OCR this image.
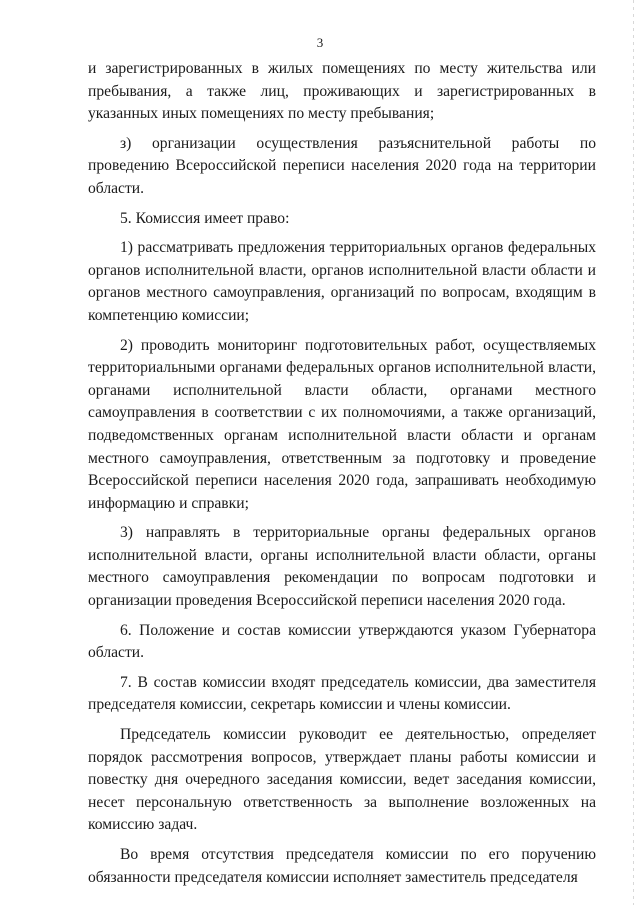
3

и зарегистрированных в жилых помещениях по месту жительства или пребывания, а также лиц, проживающих и зарегистрированных в указанных иных помещениях по месту пребывания;

з) организации осуществления разъяснительной работы по проведению Всероссийской переписи населения 2020 года на территории области.

5. Комиссия имеет право:

1) рассматривать предложения территориальных органов федеральных органов исполнительной власти, органов исполнительной власти области и органов местного самоуправления, организаций по вопросам, входящим в компетенцию комиссии;

2) проводить мониторинг подготовительных работ, осуществляемых территориальными органами федеральных органов исполнительной власти, органами исполнительной власти области, органами местного самоуправления в соответствии с их полномочиями, а также организаций, подведомственных органам исполнительной власти области и органам местного самоуправления, ответственным за подготовку и проведение Всероссийской переписи населения 2020 года, запрашивать необходимую информацию и справки;

3) направлять в территориальные органы федеральных органов исполнительной власти, органы исполнительной власти области, органы местного самоуправления рекомендации по вопросам подготовки и организации проведения Всероссийской переписи населения 2020 года.

6. Положение и состав комиссии утверждаются указом Губернатора области.

7. В состав комиссии входят председатель комиссии, два заместителя председателя комиссии, секретарь комиссии и члены комиссии.

Председатель комиссии руководит ее деятельностью, определяет порядок рассмотрения вопросов, утверждает планы работы комиссии и повестку дня очередного заседания комиссии, ведет заседания комиссии, несет персональную ответственность за выполнение возложенных на комиссию задач.

Во время отсутствия председателя комиссии по его поручению обязанности председателя комиссии исполняет заместитель председателя
